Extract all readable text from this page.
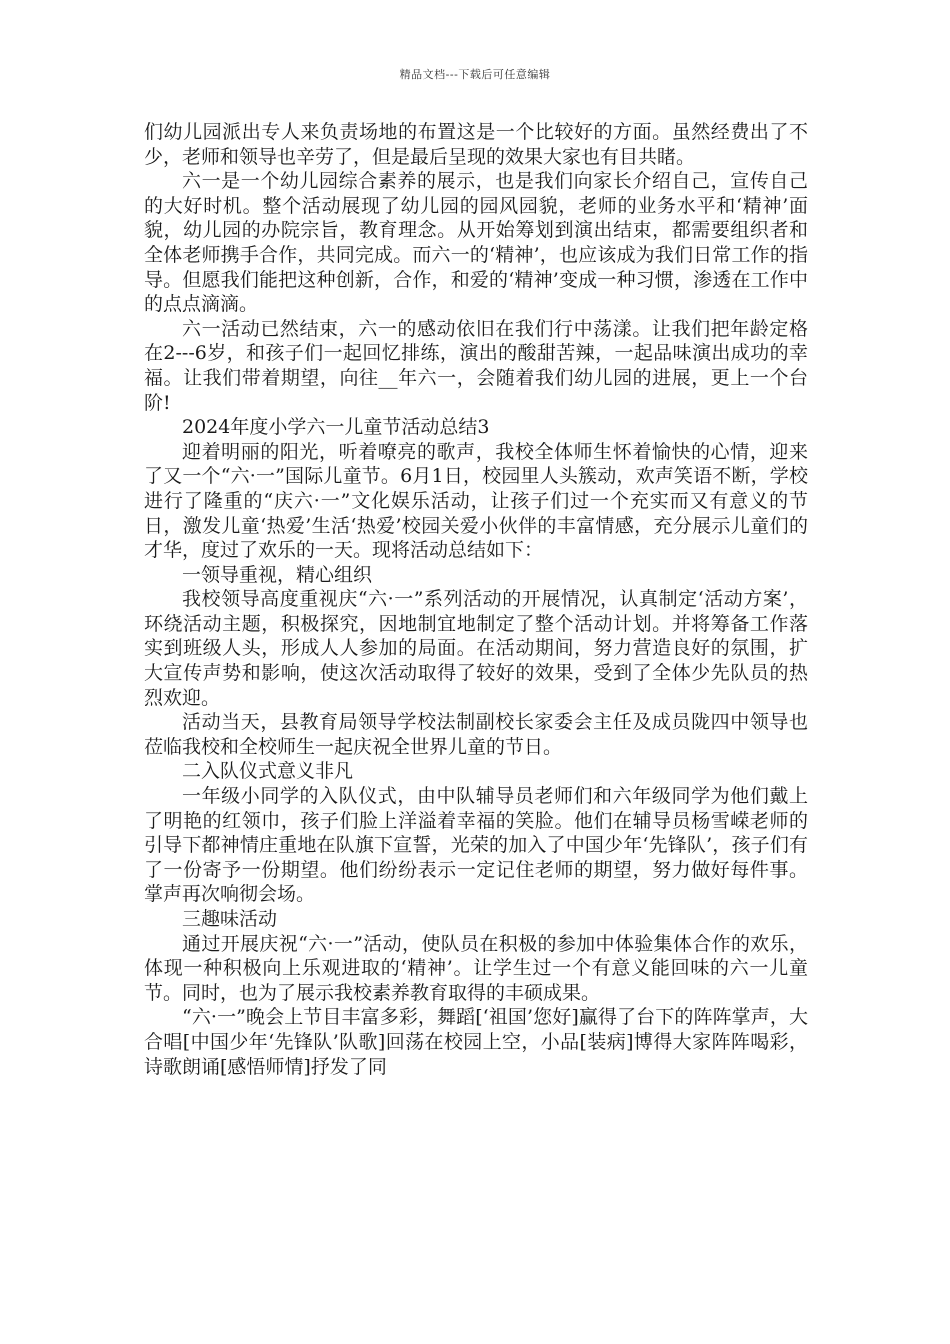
精品文档---下载后可任意编辑

们幼儿园派出专人来负责场地的布置这是一个比较好的方面。虽然经费出了不少，老师和领导也辛劳了，但是最后呈现的效果大家也有目共睹。

六一是一个幼儿园综合素养的展示，也是我们向家长介绍自己，宣传自己的大好时机。整个活动展现了幼儿园的园风园貌，老师的业务水平和‘精神’面貌，幼儿园的办院宗旨，教育理念。从开始筹划到演出结束，都需要组织者和全体老师携手合作，共同完成。而六一的‘精神’，也应该成为我们日常工作的指导。但愿我们能把这种创新，合作，和爱的‘精神’变成一种习惯，渗透在工作中的点点滴滴。

六一活动已然结束，六一的感动依旧在我们行中荡漾。让我们把年龄定格在2---6岁，和孩子们一起回忆排练，演出的酸甜苦辣，一起品味演出成功的幸福。让我们带着期望，向往__年六一，会随着我们幼儿园的进展，更上一个台阶!

2024年度小学六一儿童节活动总结3

迎着明丽的阳光，听着嘹亮的歌声，我校全体师生怀着愉快的心情，迎来了又一个“六·一”国际儿童节。6月1日，校园里人头簇动，欢声笑语不断，学校进行了隆重的“庆六·一”文化娱乐活动，让孩子们过一个充实而又有意义的节日，激发儿童‘热爱’生活‘热爱’校园关爱小伙伴的丰富情感，充分展示儿童们的才华，度过了欢乐的一天。现将活动总结如下：

一领导重视，精心组织

我校领导高度重视庆“六·一”系列活动的开展情况，认真制定‘活动方案’，环绕活动主题，积极探究，因地制宜地制定了整个活动计划。并将筹备工作落实到班级人头，形成人人参加的局面。在活动期间，努力营造良好的氛围，扩大宣传声势和影响，使这次活动取得了较好的效果，受到了全体少先队员的热烈欢迎。

活动当天，县教育局领导学校法制副校长家委会主任及成员陇四中领导也莅临我校和全校师生一起庆祝全世界儿童的节日。

二入队仪式意义非凡

一年级小同学的入队仪式，由中队辅导员老师们和六年级同学为他们戴上了明艳的红领巾，孩子们脸上洋溢着幸福的笑脸。他们在辅导员杨雪嵘老师的引导下都神情庄重地在队旗下宣誓，光荣的加入了中国少年‘先锋队’，孩子们有了一份寄予一份期望。他们纷纷表示一定记住老师的期望，努力做好每件事。掌声再次响彻会场。

三趣味活动

通过开展庆祝“六·一”活动，使队员在积极的参加中体验集体合作的欢乐，体现一种积极向上乐观进取的‘精神’。让学生过一个有意义能回味的六一儿童节。同时，也为了展示我校素养教育取得的丰硕成果。

“六·一”晚会上节目丰富多彩，舞蹈[‘祖国’您好]赢得了台下的阵阵掌声，大合唱[中国少年‘先锋队’队歌]回荡在校园上空，小品[装病]博得大家阵阵喝彩，诗歌朗诵[感悟师情]抒发了同
